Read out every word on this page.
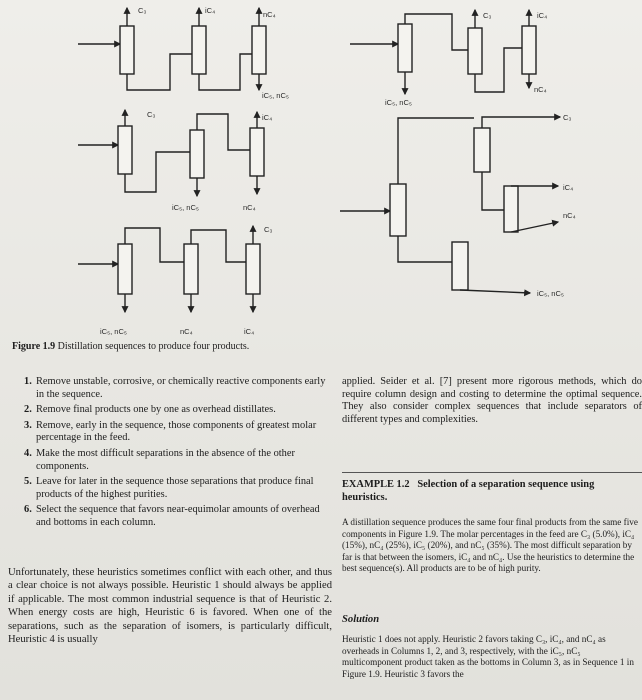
C₃	iC₄	nC₄
iC₅, nC₅
C₃	iC₄
iC₅, nC₅	nC₄
C₃
iC₅, nC₅	nC₄	iC₄
C₃	iC₄
nC₄
iC₅, nC₅
C₃
iC₄
nC₄
iC₅, nC₅
Figure 1.9 Distillation sequences to produce four products.
1. Remove unstable, corrosive, or chemically reactive components early in the sequence.
2. Remove final products one by one as overhead distillates.
3. Remove, early in the sequence, those components of greatest molar percentage in the feed.
4. Make the most difficult separations in the absence of the other components.
5. Leave for later in the sequence those separations that produce final products of the highest purities.
6. Select the sequence that favors near-equimolar amounts of overhead and bottoms in each column.
Unfortunately, these heuristics sometimes conflict with each other, and thus a clear choice is not always possible. Heuristic 1 should always be applied if applicable. The most common industrial sequence is that of Heuristic 2. When energy costs are high, Heuristic 6 is favored. When one of the separations, such as the separation of isomers, is particularly difficult, Heuristic 4 is usually
applied. Seider et al. [7] present more rigorous methods, which do require column design and costing to determine the optimal sequence. They also consider complex sequences that include separators of different types and complexities.
EXAMPLE 1.2 Selection of a separation sequence using heuristics.
A distillation sequence produces the same four final products from the same five components in Figure 1.9. The molar percentages in the feed are C₃ (5.0%), iC₄ (15%), nC₄ (25%), iC₅ (20%), and nC₅ (35%). The most difficult separation by far is that between the isomers, iC₄ and nC₄. Use the heuristics to determine the best sequence(s). All products are to be of high purity.
Solution
Heuristic 1 does not apply. Heuristic 2 favors taking C₃, iC₄, and nC₄ as overheads in Columns 1, 2, and 3, respectively, with the iC₅, nC₅ multicomponent product taken as the bottoms in Column 3, as in Sequence 1 in Figure 1.9. Heuristic 3 favors the
